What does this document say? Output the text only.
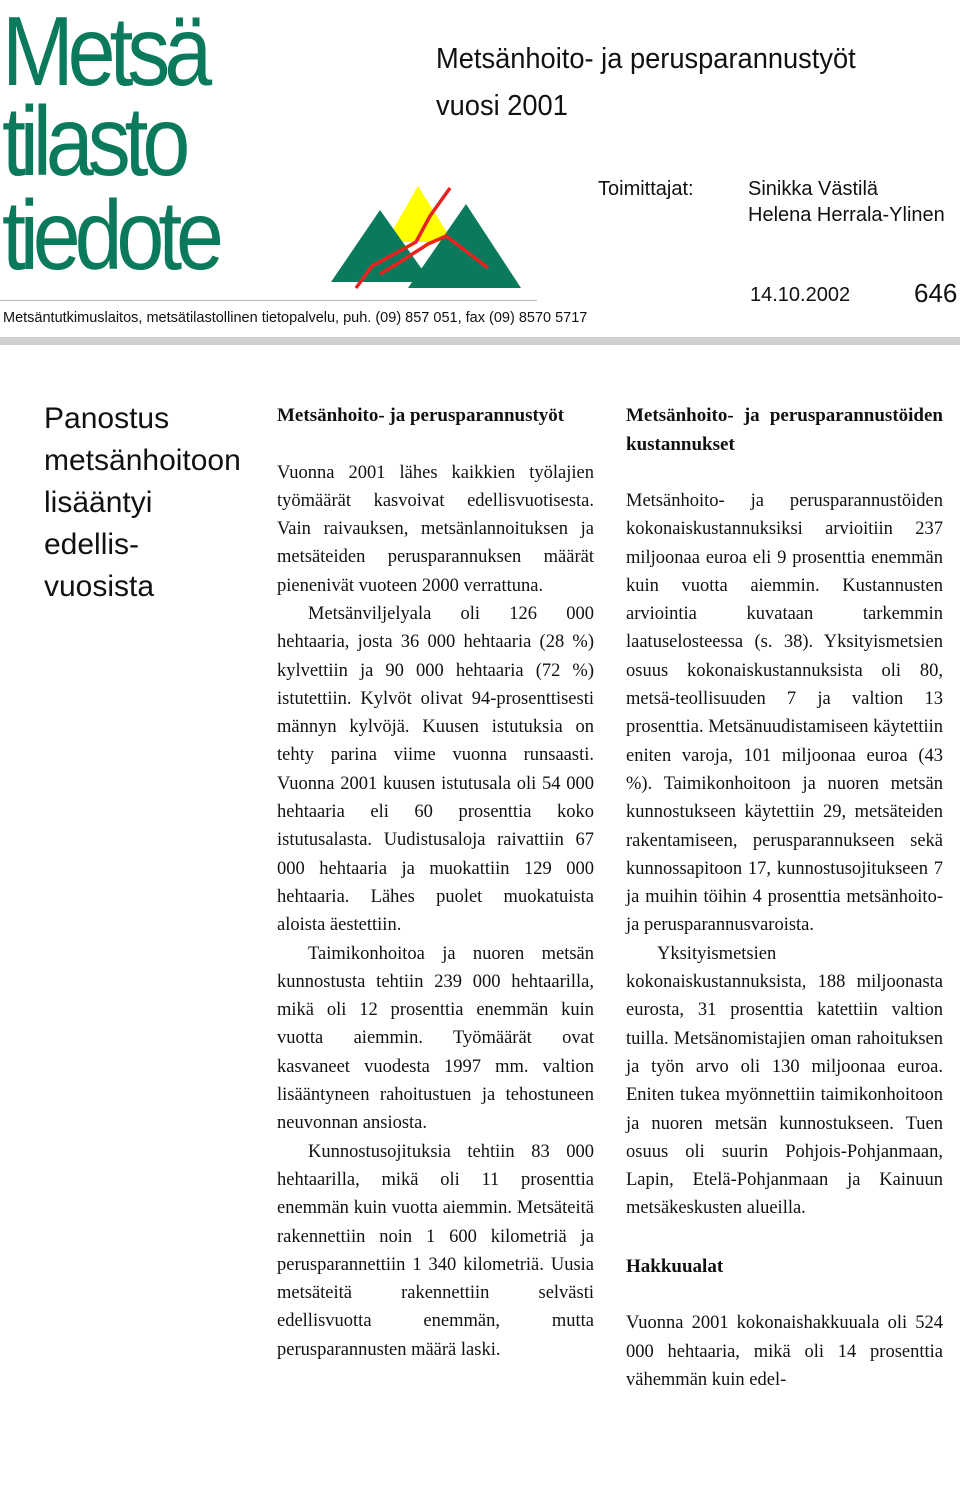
Metsä
tilasto
tiedote
Metsänhoito- ja perusparannustyöt
vuosi 2001
Toimittajat:	Sinikka Västilä
Helena Herrala-Ylinen
14.10.2002 646
Metsäntutkimuslaitos, metsätilastollinen tietopalvelu, puh. (09) 857 051, fax (09) 8570 5717
Panostus
metsänhoitoon
lisääntyi
edellis-
vuosista
Metsänhoito- ja perusparannustyöt

Vuonna 2001 lähes kaikkien työlajien työmäärät kasvoivat edellisvuotisesta. Vain raivauksen, metsänlannoituksen ja metsäteiden perusparannuksen määrät pienenivät vuoteen 2000 verrattuna.

Metsänviljelyala oli 126 000 hehtaaria, josta 36 000 hehtaaria (28 %) kylvettiin ja 90 000 hehtaaria (72 %) istutettiin. Kylvöt olivat 94-prosenttisesti männyn kylvöjä. Kuusen istutuksia on tehty parina viime vuonna runsaasti. Vuonna 2001 kuusen istutusala oli 54 000 hehtaaria eli 60 prosenttia koko istutusalasta. Uudistusaloja raivattiin 67 000 hehtaaria ja muokattiin 129 000 hehtaaria. Lähes puolet muokatuista aloista äestettiin.

Taimikonhoitoa ja nuoren metsän kunnostusta tehtiin 239 000 hehtaarilla, mikä oli 12 prosenttia enemmän kuin vuotta aiemmin. Työmäärät ovat kasvaneet vuodesta 1997 mm. valtion lisääntyneen rahoitustuen ja tehostuneen neuvonnan ansiosta.

Kunnostusojituksia tehtiin 83 000 hehtaarilla, mikä oli 11 prosenttia enemmän kuin vuotta aiemmin. Metsäteitä rakennettiin noin 1 600 kilometriä ja perusparannettiin 1 340 kilometriä. Uusia metsäteitä rakennettiin selvästi edellisvuotta enemmän, mutta perusparannusten määrä laski.

Metsänhoito- ja perusparannustöiden kustannukset

Metsänhoito- ja perusparannustöiden kokonaiskustannuksiksi arvioitiin 237 miljoonaa euroa eli 9 prosenttia enemmän kuin vuotta aiemmin. Kustannusten arviointia kuvataan tarkemmin laatuselosteessa (s. 38). Yksityismetsien osuus kokonaiskustannuksista oli 80, metsä-teollisuuden 7 ja valtion 13 prosenttia. Metsänuudistamiseen käytettiin eniten varoja, 101 miljoonaa euroa (43 %). Taimikonhoitoon ja nuoren metsän kunnostukseen käytettiin 29, metsäteiden rakentamiseen, perusparannukseen sekä kunnossapitoon 17, kunnostusojitukseen 7 ja muihin töihin 4 prosenttia metsänhoito- ja perusparannusvaroista.

Yksityismetsien kokonaiskustannuksista, 188 miljoonasta eurosta, 31 prosenttia katettiin valtion tuilla. Metsänomistajien oman rahoituksen ja työn arvo oli 130 miljoonaa euroa. Eniten tukea myönnettiin taimikonhoitoon ja nuoren metsän kunnostukseen. Tuen osuus oli suurin Pohjois-Pohjanmaan, Lapin, Etelä-Pohjanmaan ja Kainuun metsäkeskusten alueilla.

Hakkuualat

Vuonna 2001 kokonaishakkuuala oli 524 000 hehtaaria, mikä oli 14 prosenttia vähemmän kuin edel-
